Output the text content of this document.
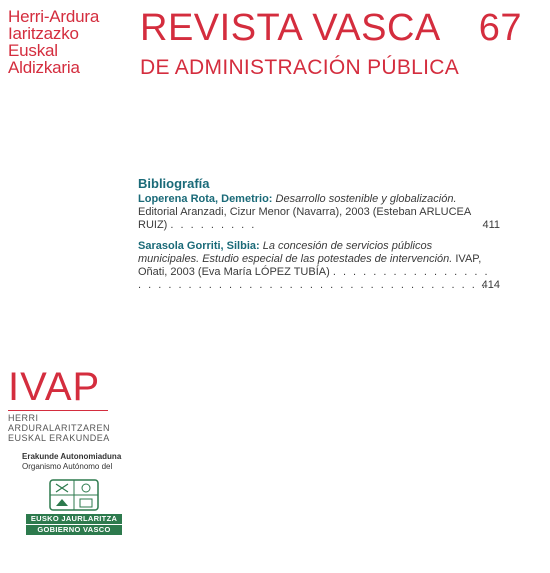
Herri-Ardura
Iaritzazko
Euskal
Aldizkaria
REVISTA VASCA 67
DE ADMINISTRACIÓN PÚBLICA
Bibliografía
Loperena Rota, Demetrio: Desarrollo sostenible y globalización. Editorial Aranzadi, Cizur Menor (Navarra), 2003 (Esteban ARLUCEA RUIZ) . . . . . . . . .	411
Sarasola Gorriti, Silbia: La concesión de servicios públicos municipales. Estudio especial de las potestades de intervención. IVAP, Oñati, 2003 (Eva María LÓPEZ TUBÍA) . . . . . . . . . . . . . . . . . . . . . . . . . . . . . . . . . . . . . . . . . . . . . . . . . . .
414
IVAP
HERRI ARDURALARITZAREN
EUSKAL ERAKUNDEA
Erakunde Autonomiaduna
Organismo Autónomo del
EUSKO JAURLARITZA
GOBIERNO VASCO
